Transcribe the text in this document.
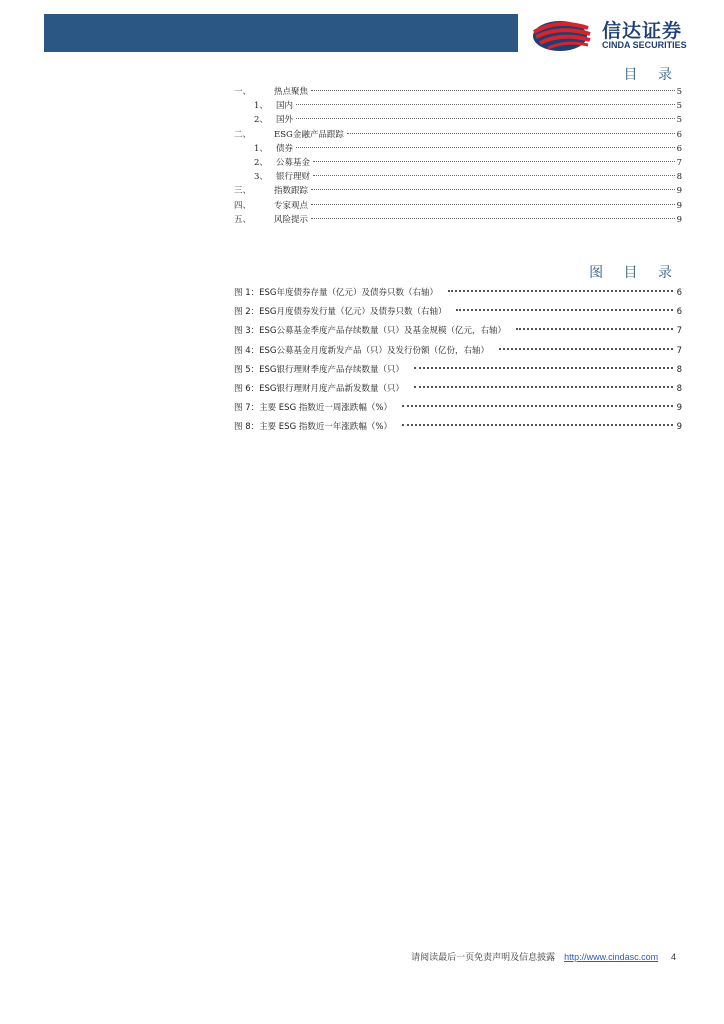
信达证券
CINDA SECURITIES
目 录
一、	热点聚焦	5
1、 国内	5
2、 国外	5
二、	ESG金融产品跟踪	6
1、 债券	6
2、 公募基金	7
3、 银行理财	8
三、	指数跟踪	9
四、	专家观点	9
五、	风险提示	9
图 目 录
图 1：ESG年度债券存量（亿元）及债券只数（右轴）	6
图 2：ESG月度债券发行量（亿元）及债券只数（右轴）	6
图 3：ESG公募基金季度产品存续数量（只）及基金规模（亿元，右轴）	7
图 4：ESG公募基金月度新发产品（只）及发行份额（亿份，右轴）	7
图 5：ESG银行理财季度产品存续数量（只）	8
图 6：ESG银行理财月度产品新发数量（只）	8
图 7：主要 ESG 指数近一周涨跌幅（%）	9
图 8：主要 ESG 指数近一年涨跌幅（%）	9
请阅读最后一页免责声明及信息披露 http://www.cindasc.com 4
